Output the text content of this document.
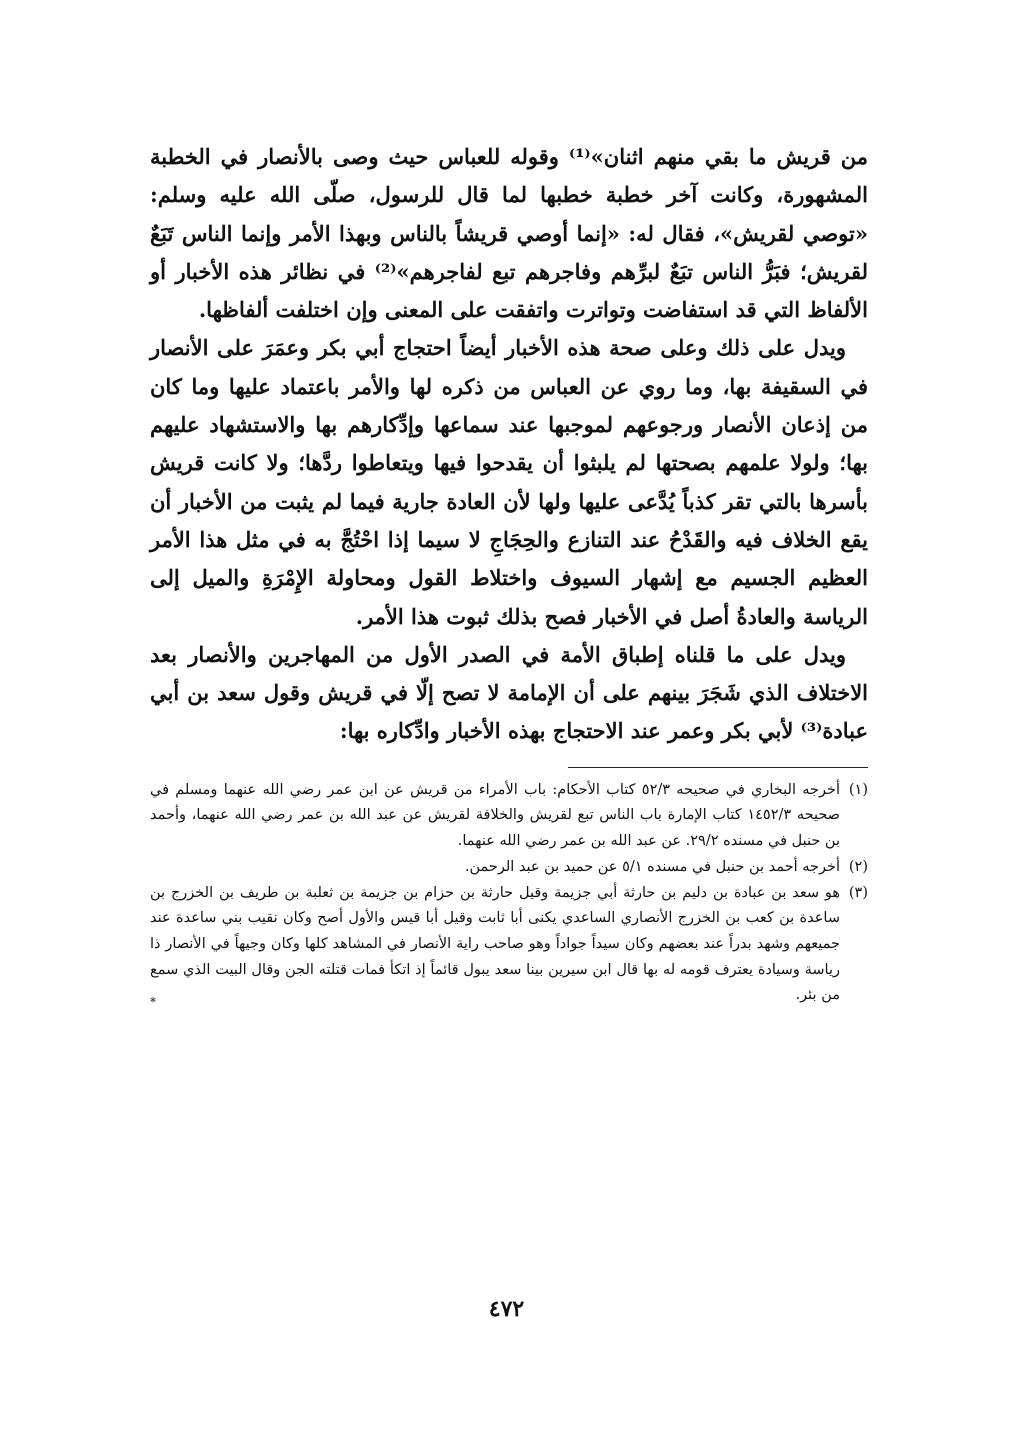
من قريش ما بقي منهم اثنان»⁽¹⁾ وقوله للعباس حيث وصى بالأنصار في الخطبة المشهورة، وكانت آخر خطبة خطبها لما قال للرسول، صلّى الله عليه وسلم: «توصي لقريش»، فقال له: «إنما أوصي قريشاً بالناس وبهذا الأمر وإنما الناس تَبَعٌ لقريش؛ فبَرُّ الناس تبَعٌ لبرِّهم وفاجرهم تبع لفاجرهم»⁽²⁾ في نظائر هذه الأخبار أو الألفاظ التي قد استفاضت وتواترت واتفقت على المعنى وإن اختلفت ألفاظها.

ويدل على ذلك وعلى صحة هذه الأخبار أيضاً احتجاج أبي بكر وعمَرَ على الأنصار في السقيفة بها، وما روي عن العباس من ذكره لها والأمر باعتماد عليها وما كان من إذعان الأنصار ورجوعهم لموجبها عند سماعها وإدِّكارهم بها والاستشهاد عليهم بها؛ ولولا علمهم بصحتها لم يلبثوا أن يقدحوا فيها ويتعاطوا ردَّها؛ ولا كانت قريش بأسرها بالتي تقر كذباً يُدَّعى عليها ولها لأن العادة جارية فيما لم يثبت من الأخبار أن يقع الخلاف فيه والقَدْحُ عند التنازع والحِجَاجِ لا سيما إذا احْتُجَّ به في مثل هذا الأمر العظيم الجسيم مع إشهار السيوف واختلاط القول ومحاولة الإِمْرَةِ والميل إلى الرياسة والعادةُ أصل في الأخبار فصح بذلك ثبوت هذا الأمر.

ويدل على ما قلناه إطباق الأمة في الصدر الأول من المهاجرين والأنصار بعد الاختلاف الذي شَجَرَ بينهم على أن الإمامة لا تصح إلّا في قريش وقول سعد بن أبي عبادة⁽³⁾ لأبي بكر وعمر عند الاحتجاج بهذه الأخبار وادِّكاره بها:

(١)أخرجه البخاري في صحيحه ٥٢/٣ كتاب الأحكام: باب الأمراء من قريش عن ابن عمر رضي الله عنهما ومسلم في صحيحه ١٤٥٢/٣ كتاب الإمارة باب الناس تبع لقريش والخلافة لقريش عن عبد الله بن عمر رضي الله عنهما، وأحمد بن حنبل في مسنده ٢٩/٢. عن عبد الله بن عمر رضي الله عنهما.

(٢)أخرجه أحمد بن حنبل في مسنده ٥/١ عن حميد بن عبد الرحمن.

(٣)هو سعد بن عبادة بن دليم بن حارثة أبي جزيمة وقيل حارثة بن حزام بن جزيمة بن ثعلبة بن طريف بن الخزرج بن ساعدة بن كعب بن الخزرج الأنصاري الساعدي يكنى أبا ثابت وقيل أبا قيس والأول أصح وكان نقيب بني ساعدة عند جميعهم وشهد بدراً عند بعضهم وكان سيداً جواداً وهو صاحب راية الأنصار في المشاهد كلها وكان وجيهاً في الأنصار ذا رياسة وسيادة يعترف قومه له بها قال ابن سيرين بينا سعد يبول قائماً إذ اتكأ فمات قتلته الجن وقال البيت الذي سمع من بئر.

*
٤٧٢
